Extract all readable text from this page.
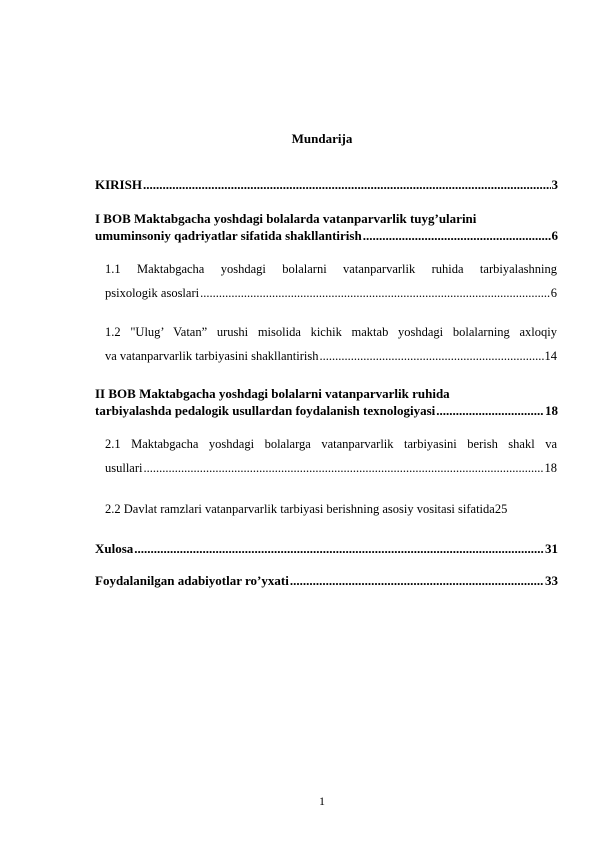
Mundarija
KIRISH .....	3
I BOB Maktabgacha yoshdagi bolalarda vatanparvarlik tuyg’ularini
umuminsoniy qadriyatlar sifatida shakllantirish .....	6
1.1 Maktabgacha yoshdagi bolalarni vatanparvarlik ruhida tarbiyalashning
psixologik asoslari .....	6
1.2 "Ulug’ Vatan” urushi misolida kichik maktab yoshdagi bolalarning axloqiy
va vatanparvarlik tarbiyasini shakllantirish .....	14
II BOB Maktabgacha yoshdagi bolalarni vatanparvarlik ruhida
tarbiyalashda pedalogik usullardan foydalanish texnologiyasi .....	18
2.1 Maktabgacha yoshdagi bolalarga vatanparvarlik tarbiyasini berish shakl va
usullari .....	18
2.2 Davlat ramzlari vatanparvarlik tarbiyasi berishning asosiy vositasi sifatida 25
Xulosa .....	31
Foydalanilgan adabiyotlar ro’yxati .....	33
1
